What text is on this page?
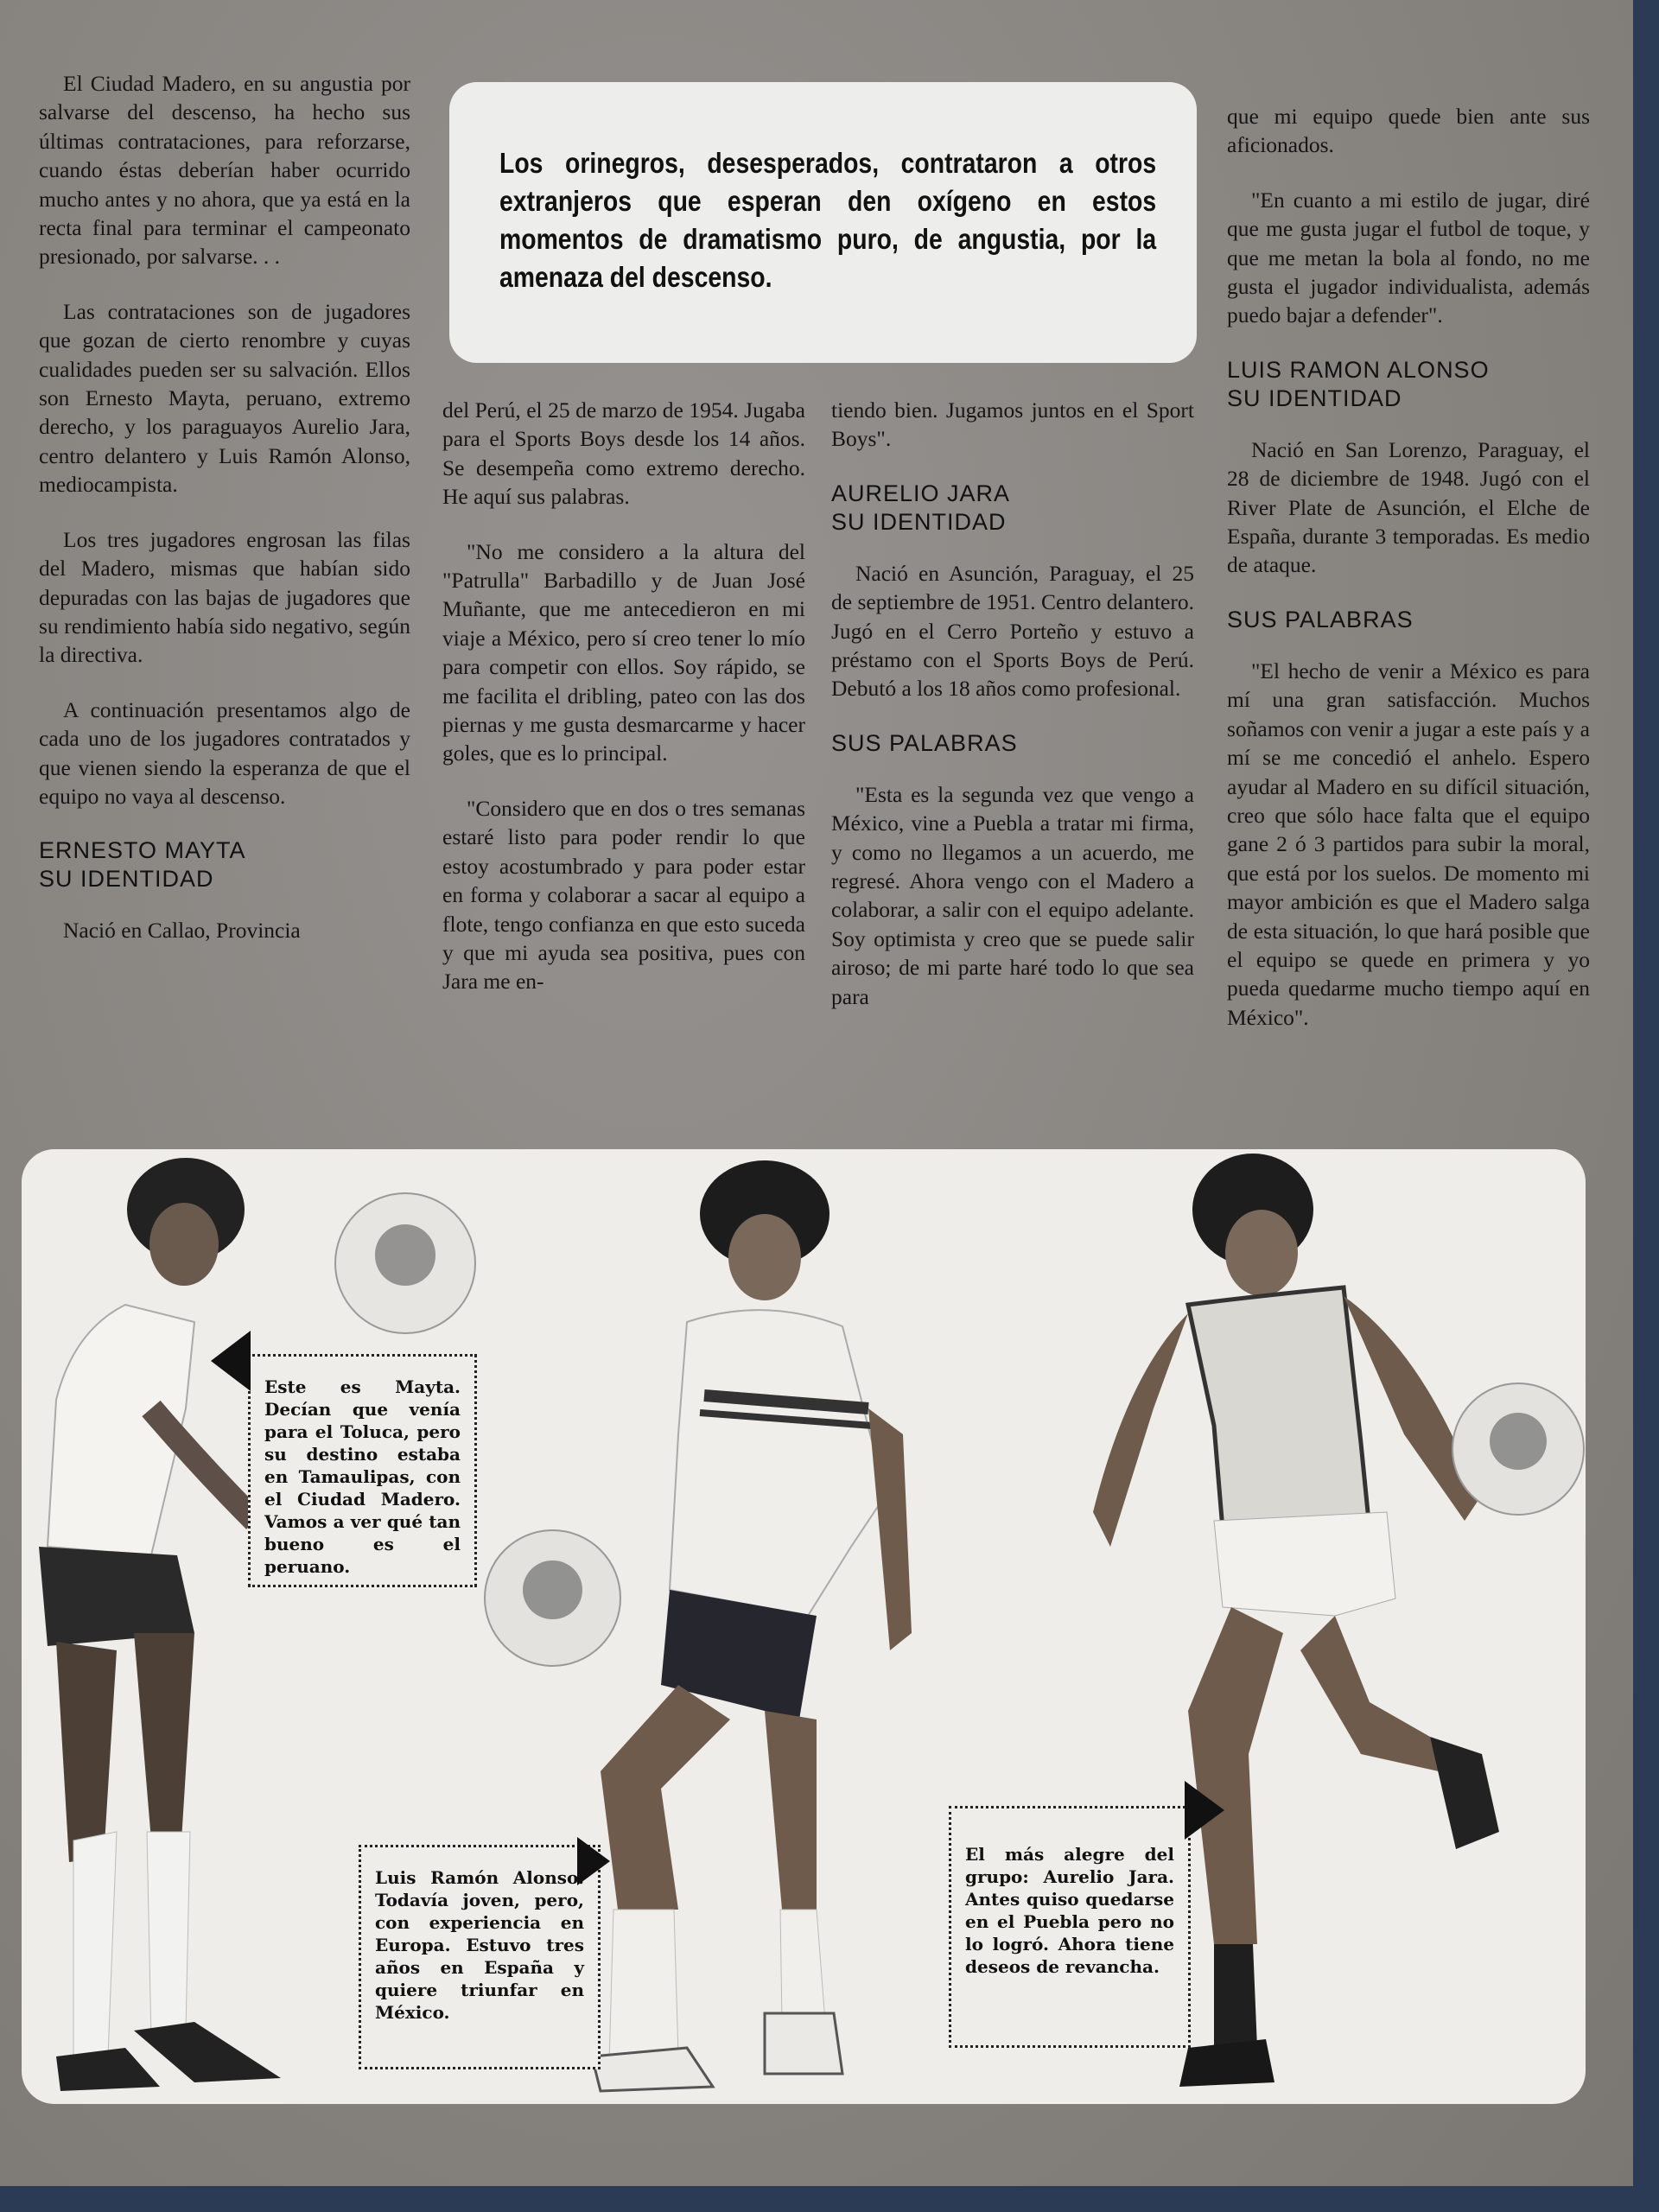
El Ciudad Madero, en su angustia por salvarse del descenso, ha hecho sus últimas contrataciones, para reforzarse, cuando éstas deberían haber ocurrido mucho antes y no ahora, que ya está en la recta final para terminar el campeonato presionado, por salvarse. . .

Las contrataciones son de jugadores que gozan de cierto renombre y cuyas cualidades pueden ser su salvación. Ellos son Ernesto Mayta, peruano, extremo derecho, y los paraguayos Aurelio Jara, centro delantero y Luis Ramón Alonso, mediocampista.

Los tres jugadores engrosan las filas del Madero, mismas que habían sido depuradas con las bajas de jugadores que su rendimiento había sido negativo, según la directiva.

A continuación presentamos algo de cada uno de los jugadores contratados y que vienen siendo la esperanza de que el equipo no vaya al descenso.

ERNESTO MAYTA
SU IDENTIDAD

Nació en Callao, Provincia

Los orinegros, desesperados, contrataron a otros extranjeros que esperan den oxígeno en estos momentos de dramatismo puro, de angustia, por la amenaza del descenso.

del Perú, el 25 de marzo de 1954. Jugaba para el Sports Boys desde los 14 años. Se desempeña como extremo derecho. He aquí sus palabras.

"No me considero a la altura del "Patrulla" Barbadillo y de Juan José Muñante, que me antecedieron en mi viaje a México, pero sí creo tener lo mío para competir con ellos. Soy rápido, se me facilita el dribling, pateo con las dos piernas y me gusta desmarcarme y hacer goles, que es lo principal.

"Considero que en dos o tres semanas estaré listo para poder rendir lo que estoy acostumbrado y para poder estar en forma y colaborar a sacar al equipo a flote, tengo confianza en que esto suceda y que mi ayuda sea positiva, pues con Jara me en-

tiendo bien. Jugamos juntos en el Sport Boys".

AURELIO JARA
SU IDENTIDAD

Nació en Asunción, Paraguay, el 25 de septiembre de 1951. Centro delantero. Jugó en el Cerro Porteño y estuvo a préstamo con el Sports Boys de Perú. Debutó a los 18 años como profesional.

SUS PALABRAS

"Esta es la segunda vez que vengo a México, vine a Puebla a tratar mi firma, y como no llegamos a un acuerdo, me regresé. Ahora vengo con el Madero a colaborar, a salir con el equipo adelante. Soy optimista y creo que se puede salir airoso; de mi parte haré todo lo que sea para

que mi equipo quede bien ante sus aficionados.

"En cuanto a mi estilo de jugar, diré que me gusta jugar el futbol de toque, y que me metan la bola al fondo, no me gusta el jugador individualista, además puedo bajar a defender".

LUIS RAMON ALONSO
SU IDENTIDAD

Nació en San Lorenzo, Paraguay, el 28 de diciembre de 1948. Jugó con el River Plate de Asunción, el Elche de España, durante 3 temporadas. Es medio de ataque.

SUS PALABRAS

"El hecho de venir a México es para mí una gran satisfacción. Muchos soñamos con venir a jugar a este país y a mí se me concedió el anhelo. Espero ayudar al Madero en su difícil situación, creo que sólo hace falta que el equipo gane 2 ó 3 partidos para subir la moral, que está por los suelos. De momento mi mayor ambición es que el Madero salga de esta situación, lo que hará posible que el equipo se quede en primera y yo pueda quedarme mucho tiempo aquí en México".

Este es Mayta. Decían que venía para el Toluca, pero su destino estaba en Tamaulipas, con el Ciudad Madero. Vamos a ver qué tan bueno es el peruano.
Luis Ramón Alonso. Todavía joven, pero, con experiencia en Europa. Estuvo tres años en España y quiere triunfar en México.
El más alegre del grupo: Aurelio Jara. Antes quiso quedarse en el Puebla pero no lo logró. Ahora tiene deseos de revancha.
